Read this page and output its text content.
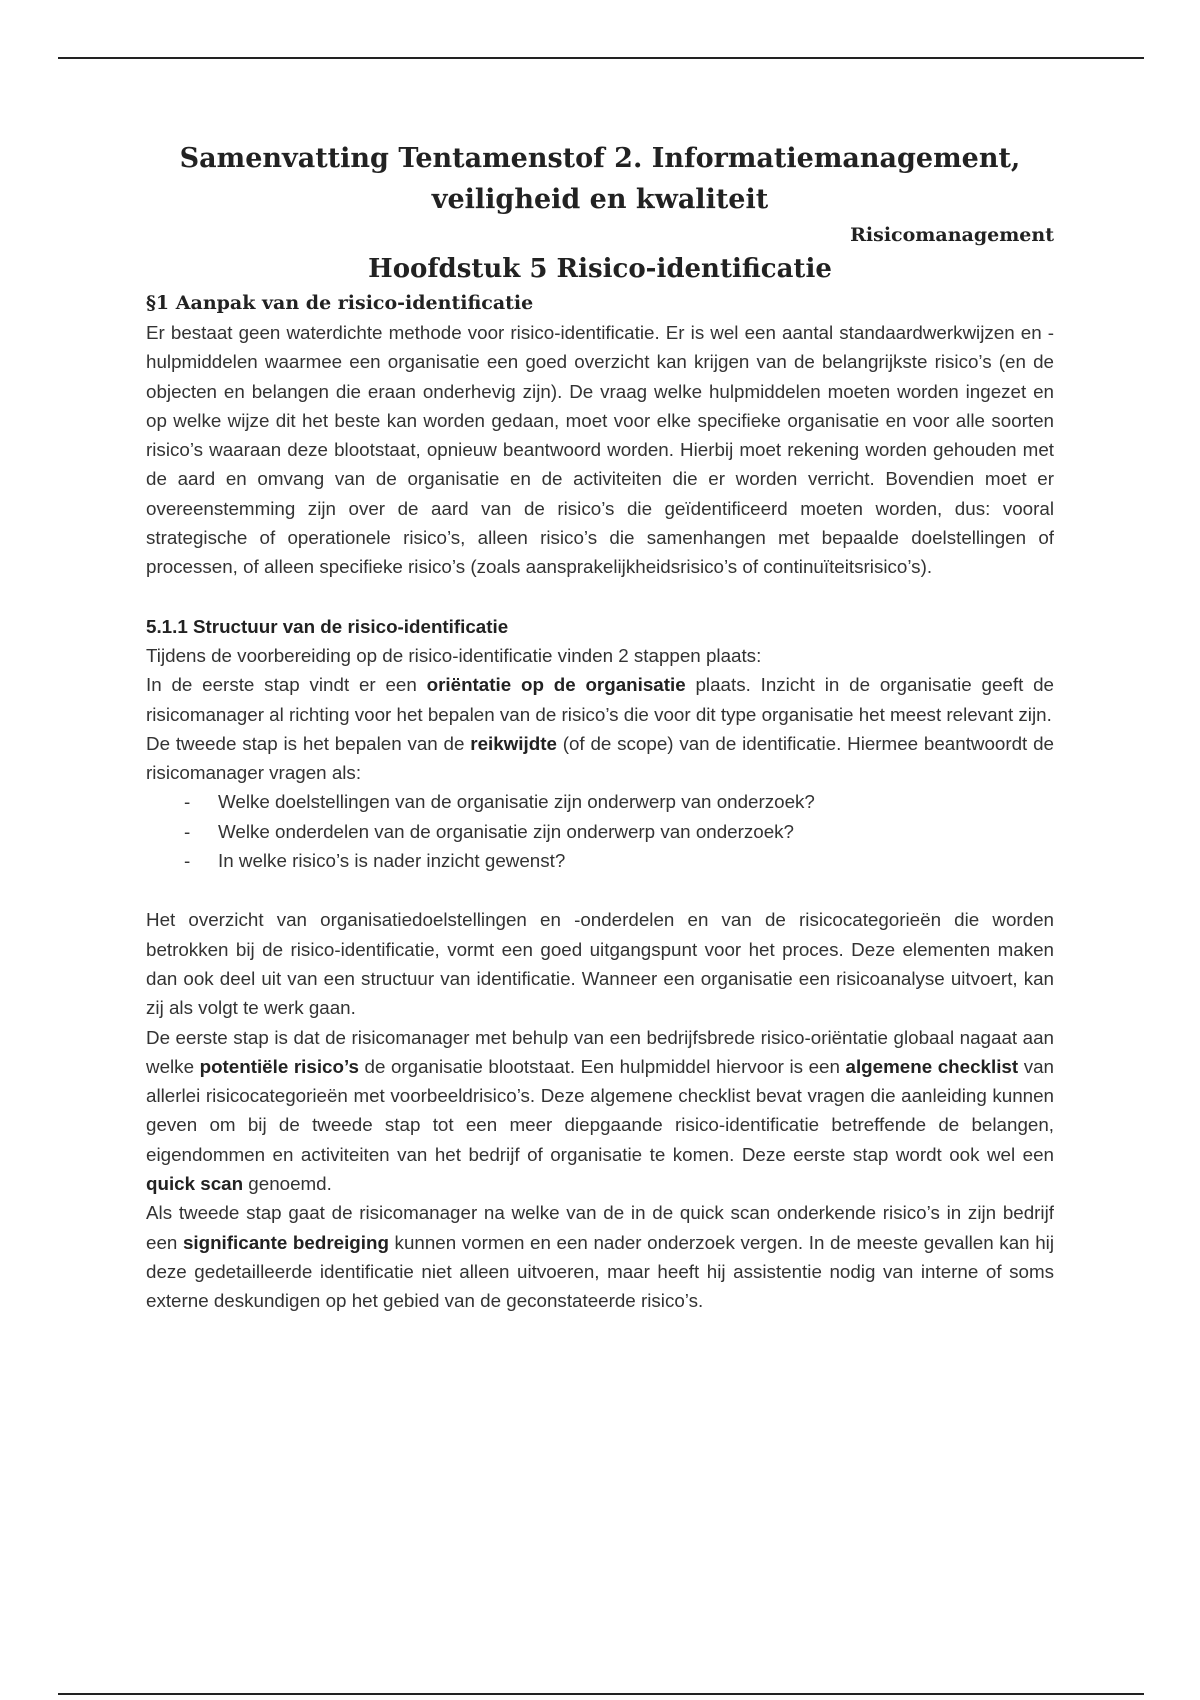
Samenvatting Tentamenstof 2. Informatiemanagement, veiligheid en kwaliteit
Risicomanagement
Hoofdstuk 5 Risico-identificatie
§1 Aanpak van de risico-identificatie

Er bestaat geen waterdichte methode voor risico-identificatie. Er is wel een aantal standaardwerkwijzen en -hulpmiddelen waarmee een organisatie een goed overzicht kan krijgen van de belangrijkste risico’s (en de objecten en belangen die eraan onderhevig zijn). De vraag welke hulpmiddelen moeten worden ingezet en op welke wijze dit het beste kan worden gedaan, moet voor elke specifieke organisatie en voor alle soorten risico’s waaraan deze blootstaat, opnieuw beantwoord worden. Hierbij moet rekening worden gehouden met de aard en omvang van de organisatie en de activiteiten die er worden verricht. Bovendien moet er overeenstemming zijn over de aard van de risico’s die geïdentificeerd moeten worden, dus: vooral strategische of operationele risico’s, alleen risico’s die samenhangen met bepaalde doelstellingen of processen, of alleen specifieke risico’s (zoals aansprakelijkheidsrisico’s of continuïteitsrisico’s).

5.1.1 Structuur van de risico-identificatie

Tijdens de voorbereiding op de risico-identificatie vinden 2 stappen plaats:

In de eerste stap vindt er een oriëntatie op de organisatie plaats. Inzicht in de organisatie geeft de risicomanager al richting voor het bepalen van de risico’s die voor dit type organisatie het meest relevant zijn.

De tweede stap is het bepalen van de reikwijdte (of de scope) van de identificatie. Hiermee beantwoordt de risicomanager vragen als:

- Welke doelstellingen van de organisatie zijn onderwerp van onderzoek?
- Welke onderdelen van de organisatie zijn onderwerp van onderzoek?
- In welke risico’s is nader inzicht gewenst?

Het overzicht van organisatiedoelstellingen en -onderdelen en van de risicocategorieën die worden betrokken bij de risico-identificatie, vormt een goed uitgangspunt voor het proces. Deze elementen maken dan ook deel uit van een structuur van identificatie. Wanneer een organisatie een risicoanalyse uitvoert, kan zij als volgt te werk gaan.

De eerste stap is dat de risicomanager met behulp van een bedrijfsbrede risico-oriëntatie globaal nagaat aan welke potentiële risico’s de organisatie blootstaat. Een hulpmiddel hiervoor is een algemene checklist van allerlei risicocategorieën met voorbeeldrisico’s. Deze algemene checklist bevat vragen die aanleiding kunnen geven om bij de tweede stap tot een meer diepgaande risico-identificatie betreffende de belangen, eigendommen en activiteiten van het bedrijf of organisatie te komen. Deze eerste stap wordt ook wel een quick scan genoemd.

Als tweede stap gaat de risicomanager na welke van de in de quick scan onderkende risico’s in zijn bedrijf een significante bedreiging kunnen vormen en een nader onderzoek vergen. In de meeste gevallen kan hij deze gedetailleerde identificatie niet alleen uitvoeren, maar heeft hij assistentie nodig van interne of soms externe deskundigen op het gebied van de geconstateerde risico’s.
